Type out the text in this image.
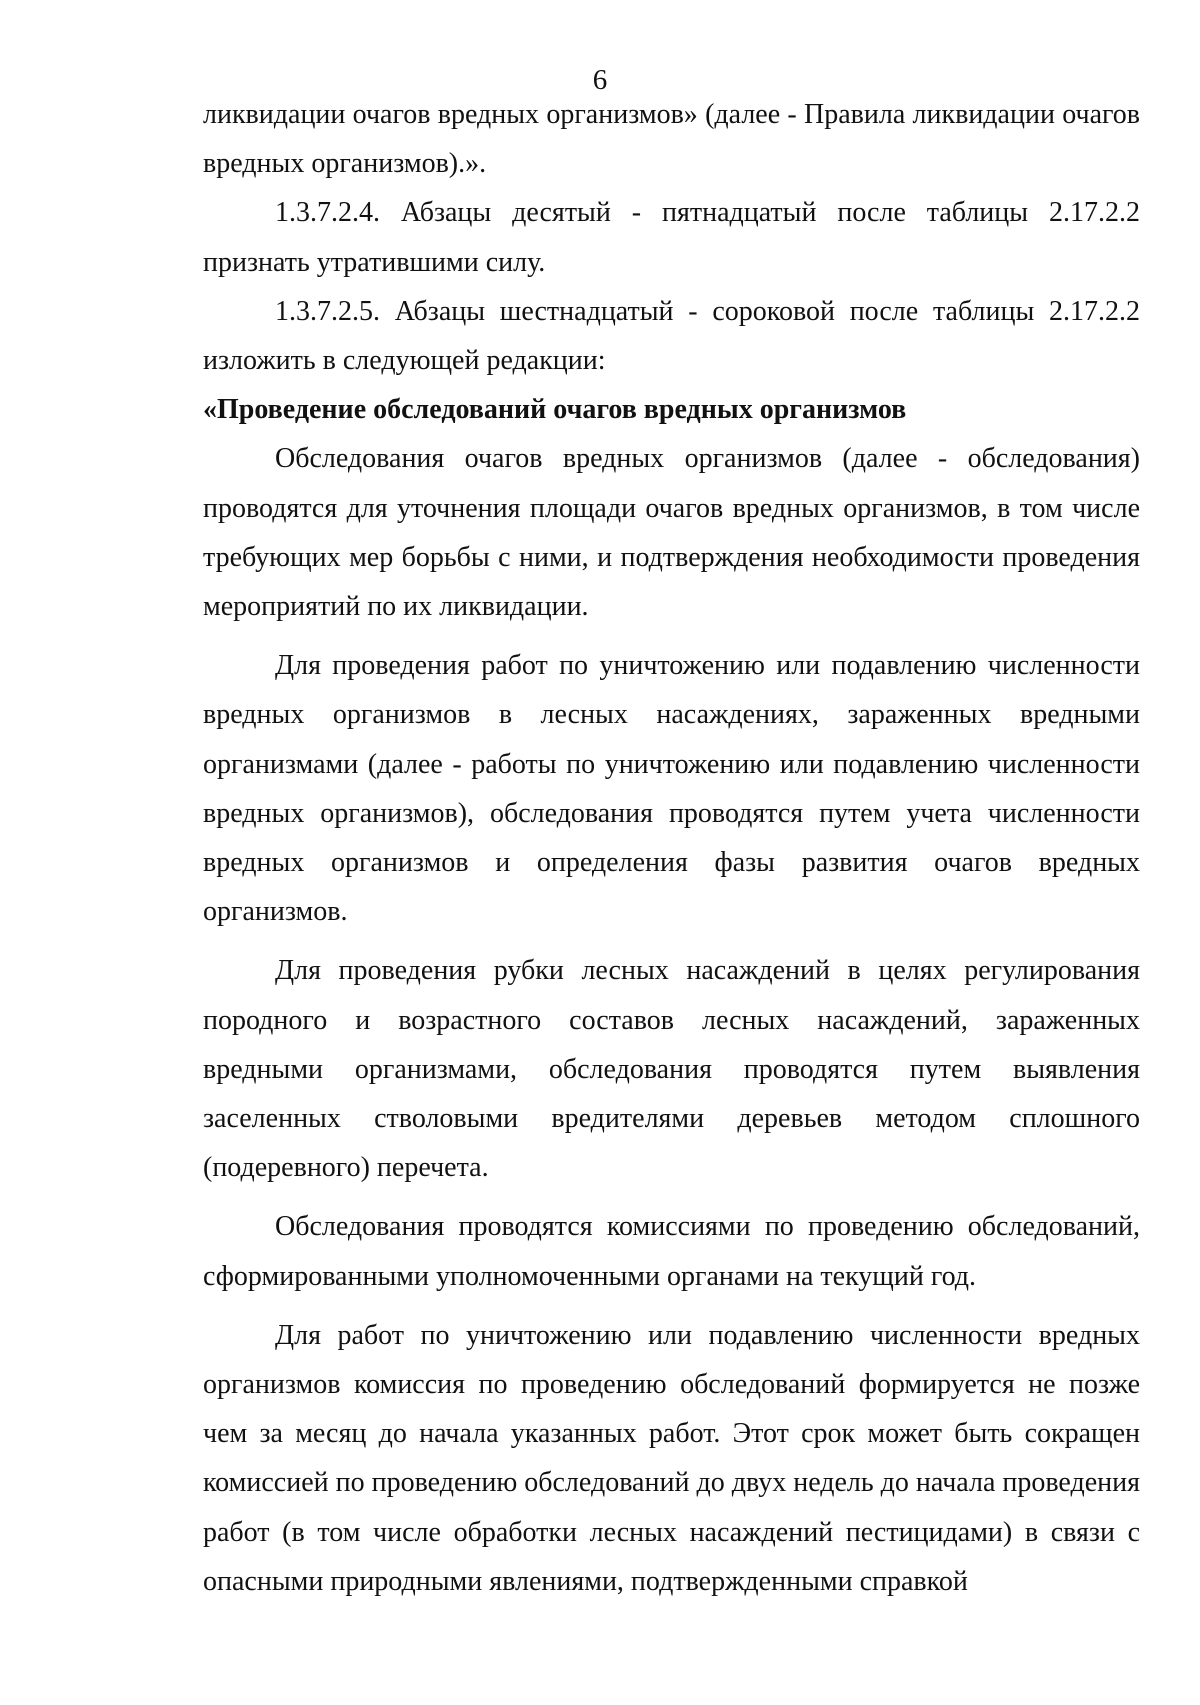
6

ликвидации очагов вредных организмов» (далее - Правила ликвидации очагов вредных организмов).».

1.3.7.2.4. Абзацы десятый - пятнадцатый после таблицы 2.17.2.2 признать утратившими силу.

1.3.7.2.5. Абзацы шестнадцатый - сороковой после таблицы 2.17.2.2 изложить в следующей редакции:

«Проведение обследований очагов вредных организмов

Обследования очагов вредных организмов (далее - обследования) проводятся для уточнения площади очагов вредных организмов, в том числе требующих мер борьбы с ними, и подтверждения необходимости проведения мероприятий по их ликвидации.

Для проведения работ по уничтожению или подавлению численности вредных организмов в лесных насаждениях, зараженных вредными организмами (далее - работы по уничтожению или подавлению численности вредных организмов), обследования проводятся путем учета численности вредных организмов и определения фазы развития очагов вредных организмов.

Для проведения рубки лесных насаждений в целях регулирования породного и возрастного составов лесных насаждений, зараженных вредными организмами, обследования проводятся путем выявления заселенных стволовыми вредителями деревьев методом сплошного (подеревного) перечета.

Обследования проводятся комиссиями по проведению обследований, сформированными уполномоченными органами на текущий год.

Для работ по уничтожению или подавлению численности вредных организмов комиссия по проведению обследований формируется не позже чем за месяц до начала указанных работ. Этот срок может быть сокращен комиссией по проведению обследований до двух недель до начала проведения работ (в том числе обработки лесных насаждений пестицидами) в связи с опасными природными явлениями, подтвержденными справкой
